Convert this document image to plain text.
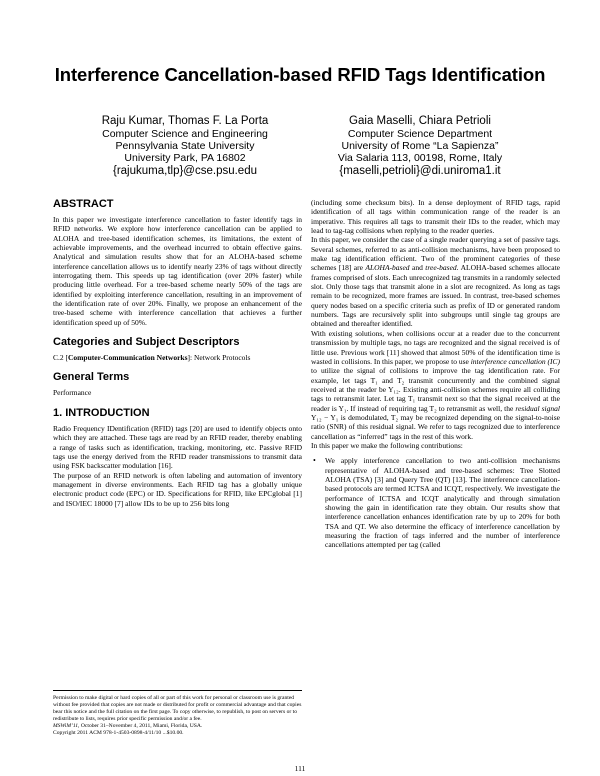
Interference Cancellation-based RFID Tags Identification
Raju Kumar, Thomas F. La Porta
Computer Science and Engineering
Pennsylvania State University
University Park, PA 16802
{rajukuma,tlp}@cse.psu.edu
Gaia Maselli, Chiara Petrioli
Computer Science Department
University of Rome “La Sapienza”
Via Salaria 113, 00198, Rome, Italy
{maselli,petrioli}@di.uniroma1.it
ABSTRACT

In this paper we investigate interference cancellation to faster identify tags in RFID networks. We explore how interference cancellation can be applied to ALOHA and tree-based identification schemes, its limitations, the extent of achievable improvements, and the overhead incurred to obtain effective gains. Analytical and simulation results show that for an ALOHA-based scheme interference cancellation allows us to identify nearly 23% of tags without directly interrogating them. This speeds up tag identification (over 20% faster) while producing little overhead. For a tree-based scheme nearly 50% of the tags are identified by exploiting interference cancellation, resulting in an improvement of the identification rate of over 20%. Finally, we propose an enhancement of the tree-based scheme with interference cancellation that achieves a further identification speed up of 50%.

Categories and Subject Descriptors

C.2 [Computer-Communication Networks]: Network Protocols

General Terms

Performance

1. INTRODUCTION

Radio Frequency IDentification (RFID) tags [20] are used to identify objects onto which they are attached. These tags are read by an RFID reader, thereby enabling a range of tasks such as identification, tracking, monitoring, etc. Passive RFID tags use the energy derived from the RFID reader transmissions to transmit data using FSK backscatter modulation [16].

The purpose of an RFID network is often labeling and automation of inventory management in diverse environments. Each RFID tag has a globally unique electronic product code (EPC) or ID. Specifications for RFID, like EPCglobal [1] and ISO/IEC 18000 [7] allow IDs to be up to 256 bits long

Permission to make digital or hard copies of all or part of this work for personal or classroom use is granted without fee provided that copies are not made or distributed for profit or commercial advantage and that copies bear this notice and the full citation on the first page. To copy otherwise, to republish, to post on servers or to redistribute to lists, requires prior specific permission and/or a fee.

MSWiM’11, October 31–November 4, 2011, Miami, Florida, USA.

Copyright 2011 ACM 978-1-4503-0898-4/11/10 ...$10.00.

(including some checksum bits). In a dense deployment of RFID tags, rapid identification of all tags within communication range of the reader is an imperative. This requires all tags to transmit their IDs to the reader, which may lead to tag-tag collisions when replying to the reader queries.

In this paper, we consider the case of a single reader querying a set of passive tags. Several schemes, referred to as anti-collision mechanisms, have been proposed to make tag identification efficient. Two of the prominent categories of these schemes [18] are ALOHA-based and tree-based. ALOHA-based schemes allocate frames comprised of slots. Each unrecognized tag transmits in a randomly selected slot. Only those tags that transmit alone in a slot are recognized. As long as tags remain to be recognized, more frames are issued. In contrast, tree-based schemes query nodes based on a specific criteria such as prefix of ID or generated random numbers. Tags are recursively split into subgroups until single tag groups are obtained and thereafter identified.

With existing solutions, when collisions occur at a reader due to the concurrent transmission by multiple tags, no tags are recognized and the signal received is of little use. Previous work [11] showed that almost 50% of the identification time is wasted in collisions. In this paper, we propose to use interference cancellation (IC) to utilize the signal of collisions to improve the tag identification rate. For example, let tags T₁ and T₂ transmit concurrently and the combined signal received at the reader be Y₁₂. Existing anti-collision schemes require all colliding tags to retransmit later. Let tag T₁ transmit next so that the signal received at the reader is Y₁. If instead of requiring tag T₂ to retransmit as well, the residual signal Y₁₂ − Y₁ is demodulated, T₂ may be recognized depending on the signal-to-noise ratio (SNR) of this residual signal. We refer to tags recognized due to interference cancellation as “inferred” tags in the rest of this work.

In this paper we make the following contributions:

• We apply interference cancellation to two anti-collision mechanisms representative of ALOHA-based and tree-based schemes: Tree Slotted ALOHA (TSA) [3] and Query Tree (QT) [13]. The interference cancellation-based protocols are termed ICTSA and ICQT, respectively. We investigate the performance of ICTSA and ICQT analytically and through simulation showing the gain in identification rate they obtain. Our results show that interference cancellation enhances identification rate by up to 20% for both TSA and QT. We also determine the efficacy of interference cancellation by measuring the fraction of tags inferred and the number of interference cancellations attempted per tag (called
111
